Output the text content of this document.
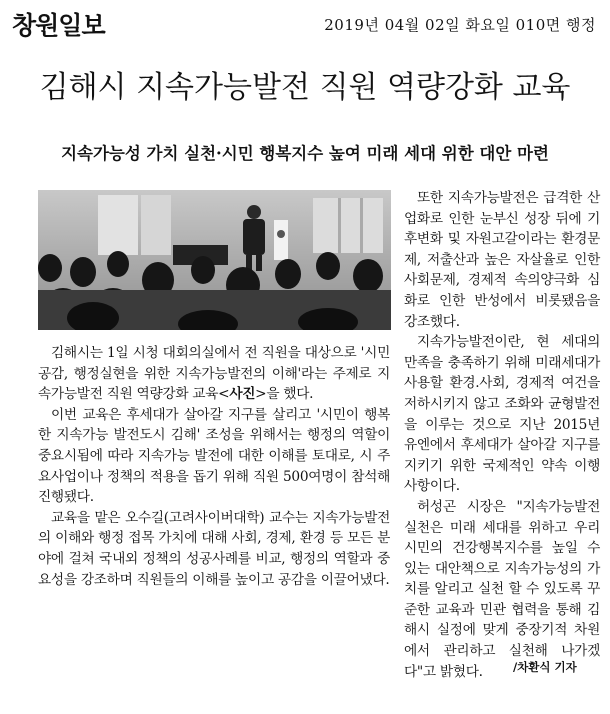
창원일보	2019년 04월 02일 화요일 010면 행정
김해시 지속가능발전 직원 역량강화 교육
지속가능성 가치 실천·시민 행복지수 높여 미래 세대 위한 대안 마련

김해시는 1일 시청 대회의실에서 전 직원을 대상으로 '시민공감, 행정실현을 위한 지속가능발전의 이해'라는 주제로 지속가능발전 직원 역량강화 교육<사진>을 했다.

이번 교육은 후세대가 살아갈 지구를 살리고 '시민이 행복한 지속가능 발전도시 김해' 조성을 위해서는 행정의 역할이 중요시됨에 따라 지속가능 발전에 대한 이해를 토대로, 시 주요사업이나 정책의 적용을 돕기 위해 직원 500여명이 참석해 진행됐다.

교육을 맡은 오수길(고려사이버대학) 교수는 지속가능발전의 이해와 행정 접목 가치에 대해 사회, 경제, 환경 등 모든 분야에 걸쳐 국내외 정책의 성공사례를 비교, 행정의 역할과 중요성을 강조하며 직원들의 이해를 높이고 공감을 이끌어냈다.

또한 지속가능발전은 급격한 산업화로 인한 눈부신 성장 뒤에 기후변화 및 자원고갈이라는 환경문제, 저출산과 높은 자살율로 인한 사회문제, 경제적 속의양극화 심화로 인한 반성에서 비롯됐음을 강조했다.

지속가능발전이란, 현 세대의 만족을 충족하기 위해 미래세대가 사용할 환경.사회, 경제적 여건을 저하시키지 않고 조화와 균형발전을 이루는 것으로 지난 2015년 유엔에서 후세대가 살아갈 지구를 지키기 위한 국제적인 약속 이행사항이다.

허성곤 시장은 "지속가능발전 실천은 미래 세대를 위하고 우리 시민의 건강행복지수를 높일 수 있는 대안책으로 지속가능성의 가치를 알리고 실천 할 수 있도록 꾸준한 교육과 민관 협력을 통해 김해시 실정에 맞게 중장기적 차원에서 관리하고 실천해 나가겠다"고 밝혔다.	/차환식 기자
